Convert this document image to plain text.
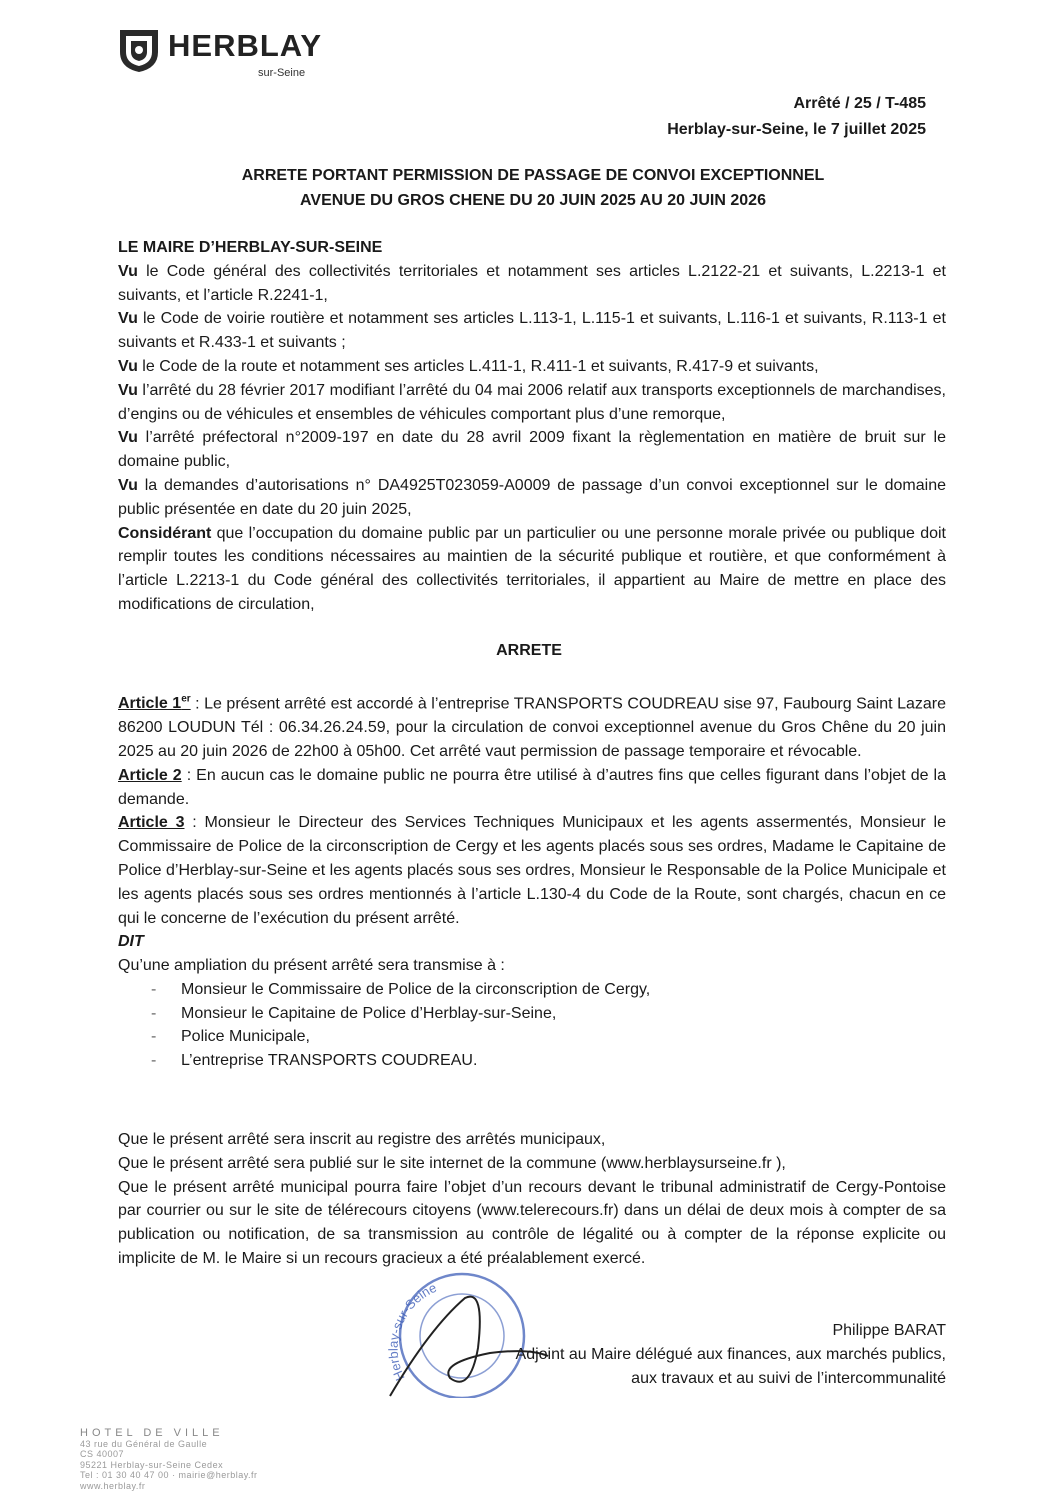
HERBLAY
sur-Seine
Arrêté / 25 / T-485
Herblay-sur-Seine, le 7 juillet 2025
ARRETE PORTANT PERMISSION DE PASSAGE DE CONVOI EXCEPTIONNEL
AVENUE DU GROS CHENE DU 20 JUIN 2025 AU 20 JUIN 2026

LE MAIRE D’HERBLAY-SUR-SEINE

Vu le Code général des collectivités territoriales et notamment ses articles L.2122-21 et suivants, L.2213-1 et suivants, et l’article R.2241-1,

Vu le Code de voirie routière et notamment ses articles L.113-1, L.115-1 et suivants, L.116-1 et suivants, R.113-1 et suivants et R.433-1 et suivants ;

Vu le Code de la route et notamment ses articles L.411-1, R.411-1 et suivants, R.417-9 et suivants,

Vu l’arrêté du 28 février 2017 modifiant l’arrêté du 04 mai 2006 relatif aux transports exceptionnels de marchandises, d’engins ou de véhicules et ensembles de véhicules comportant plus d’une remorque,

Vu l’arrêté préfectoral n°2009-197 en date du 28 avril 2009 fixant la règlementation en matière de bruit sur le domaine public,

Vu la demandes d’autorisations n° DA4925T023059-A0009 de passage d’un convoi exceptionnel sur le domaine public présentée en date du 20 juin 2025,

Considérant que l’occupation du domaine public par un particulier ou une personne morale privée ou publique doit remplir toutes les conditions nécessaires au maintien de la sécurité publique et routière, et que conformément à l’article L.2213-1 du Code général des collectivités territoriales, il appartient au Maire de mettre en place des modifications de circulation,

ARRETE

Article 1er : Le présent arrêté est accordé à l’entreprise TRANSPORTS COUDREAU sise 97, Faubourg Saint Lazare 86200 LOUDUN Tél : 06.34.26.24.59, pour la circulation de convoi exceptionnel avenue du Gros Chêne du 20 juin 2025 au 20 juin 2026 de 22h00 à 05h00. Cet arrêté vaut permission de passage temporaire et révocable.

Article 2 : En aucun cas le domaine public ne pourra être utilisé à d’autres fins que celles figurant dans l’objet de la demande.

Article 3 : Monsieur le Directeur des Services Techniques Municipaux et les agents assermentés, Monsieur le Commissaire de Police de la circonscription de Cergy et les agents placés sous ses ordres, Madame le Capitaine de Police d’Herblay-sur-Seine et les agents placés sous ses ordres, Monsieur le Responsable de la Police Municipale et les agents placés sous ses ordres mentionnés à l’article L.130-4 du Code de la Route, sont chargés, chacun en ce qui le concerne de l’exécution du présent arrêté.

DIT

Qu’une ampliation du présent arrêté sera transmise à :

- Monsieur le Commissaire de Police de la circonscription de Cergy,
- Monsieur le Capitaine de Police d’Herblay-sur-Seine,
- Police Municipale,
- L’entreprise TRANSPORTS COUDREAU.

Que le présent arrêté sera inscrit au registre des arrêtés municipaux,

Que le présent arrêté sera publié sur le site internet de la commune (www.herblaysurseine.fr ),

Que le présent arrêté municipal pourra faire l’objet d’un recours devant le tribunal administratif de Cergy-Pontoise par courrier ou sur le site de télérecours citoyens (www.telerecours.fr) dans un délai de deux mois à compter de sa publication ou notification, de sa transmission au contrôle de légalité ou à compter de la réponse explicite ou implicite de M. le Maire si un recours gracieux a été préalablement exercé.

Herblay-sur-Seine
Philippe BARAT
Adjoint au Maire délégué aux finances, aux marchés publics,
aux travaux et au suivi de l’intercommunalité
HOTEL DE VILLE
43 rue du Général de Gaulle
CS 40007
95221 Herblay-sur-Seine Cedex
Tel : 01 30 40 47 00 · mairie@herblay.fr
www.herblay.fr
